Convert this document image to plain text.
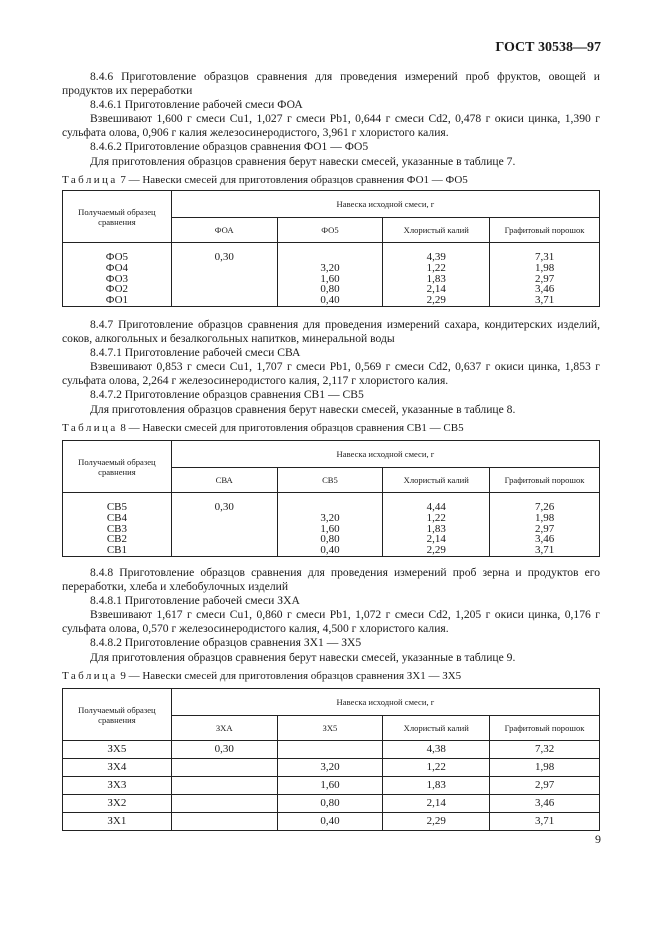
ГОСТ 30538—97

8.4.6 Приготовление образцов сравнения для проведения измерений проб фруктов, овощей и продуктов их переработки

8.4.6.1 Приготовление рабочей смеси ФОА

Взвешивают 1,600 г смеси Cu1, 1,027 г смеси Pb1, 0,644 г смеси Cd2, 0,478 г окиси цинка, 1,390 г сульфата олова, 0,906 г калия железосинеродистого, 3,961 г хлористого калия.

8.4.6.2 Приготовление образцов сравнения ФО1 — ФО5

Для приготовления образцов сравнения берут навески смесей, указанные в таблице 7.

Таблица 7 — Навески смесей для приготовления образцов сравнения ФО1 — ФО5
Получаемый образец сравнения	Навеска исходной смеси, г			
	ФОА	ФО5	Хлористый калий	Графитовый порошок
ФО5	0,30		4,39	7,31
ФО4		3,20	1,22	1,98
ФО3		1,60	1,83	2,97
ФО2		0,80	2,14	3,46
ФО1		0,40	2,29	3,71

8.4.7 Приготовление образцов сравнения для проведения измерений сахара, кондитерских изделий, соков, алкогольных и безалкогольных напитков, минеральной воды

8.4.7.1 Приготовление рабочей смеси СВА

Взвешивают 0,853 г смеси Cu1, 1,707 г смеси Pb1, 0,569 г смеси Cd2, 0,637 г окиси цинка, 1,853 г сульфата олова, 2,264 г железосинеродистого калия, 2,117 г хлористого калия.

8.4.7.2 Приготовление образцов сравнения СВ1 — СВ5

Для приготовления образцов сравнения берут навески смесей, указанные в таблице 8.

Таблица 8 — Навески смесей для приготовления образцов сравнения СВ1 — СВ5
Получаемый образец сравнения	Навеска исходной смеси, г			
	СВА	СВ5	Хлористый калий	Графитовый порошок
СВ5	0,30		4,44	7,26
СВ4		3,20	1,22	1,98
СВ3		1,60	1,83	2,97
СВ2		0,80	2,14	3,46
СВ1		0,40	2,29	3,71

8.4.8 Приготовление образцов сравнения для проведения измерений проб зерна и продуктов его переработки, хлеба и хлебобулочных изделий

8.4.8.1 Приготовление рабочей смеси ЗХА

Взвешивают 1,617 г смеси Cu1, 0,860 г смеси Pb1, 1,072 г смеси Cd2, 1,205 г окиси цинка, 0,176 г сульфата олова, 0,570 г железосинеродистого калия, 4,500 г хлористого калия.

8.4.8.2 Приготовление образцов сравнения ЗХ1 — ЗХ5

Для приготовления образцов сравнения берут навески смесей, указанные в таблице 9.

Таблица 9 — Навески смесей для приготовления образцов сравнения ЗХ1 — ЗХ5
Получаемый образец сравнения	Навеска исходной смеси, г			
	ЗХА	ЗХ5	Хлористый калий	Графитовый порошок
ЗХ5	0,30		4,38	7,32
ЗХ4		3,20	1,22	1,98
ЗХ3		1,60	1,83	2,97
ЗХ2		0,80	2,14	3,46
ЗХ1		0,40	2,29	3,71
9
